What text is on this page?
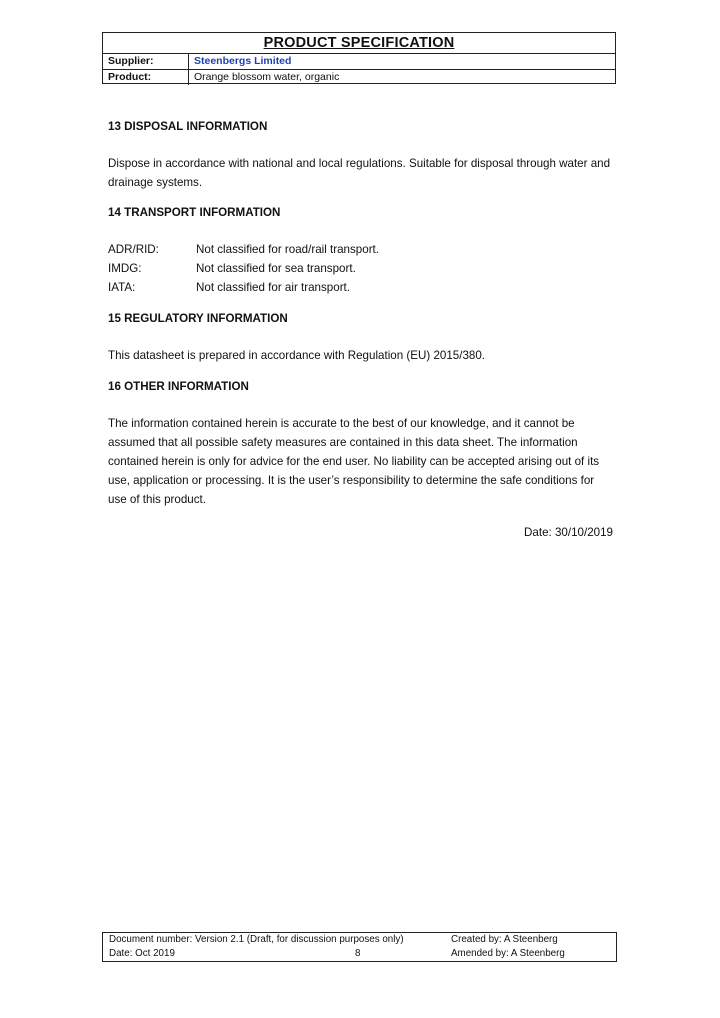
PRODUCT SPECIFICATION
Supplier:	Steenbergs Limited
Product:	Orange blossom water, organic

13 DISPOSAL INFORMATION

Dispose in accordance with national and local regulations. Suitable for disposal through water and drainage systems.

14 TRANSPORT INFORMATION

ADR/RID:	Not classified for road/rail transport.
IMDG:	Not classified for sea transport.
IATA:	Not classified for air transport.

15 REGULATORY INFORMATION

This datasheet is prepared in accordance with Regulation (EU) 2015/380.

16 OTHER INFORMATION

The information contained herein is accurate to the best of our knowledge, and it cannot be assumed that all possible safety measures are contained in this data sheet. The information contained herein is only for advice for the end user. No liability can be accepted arising out of its use, application or processing. It is the user’s responsibility to determine the safe conditions for use of this product.

Date: 30/10/2019

Document number: Version 2.1 (Draft, for discussion purposes only)	Created by: A Steenberg
Date: Oct 2019	8	Amended by: A Steenberg
